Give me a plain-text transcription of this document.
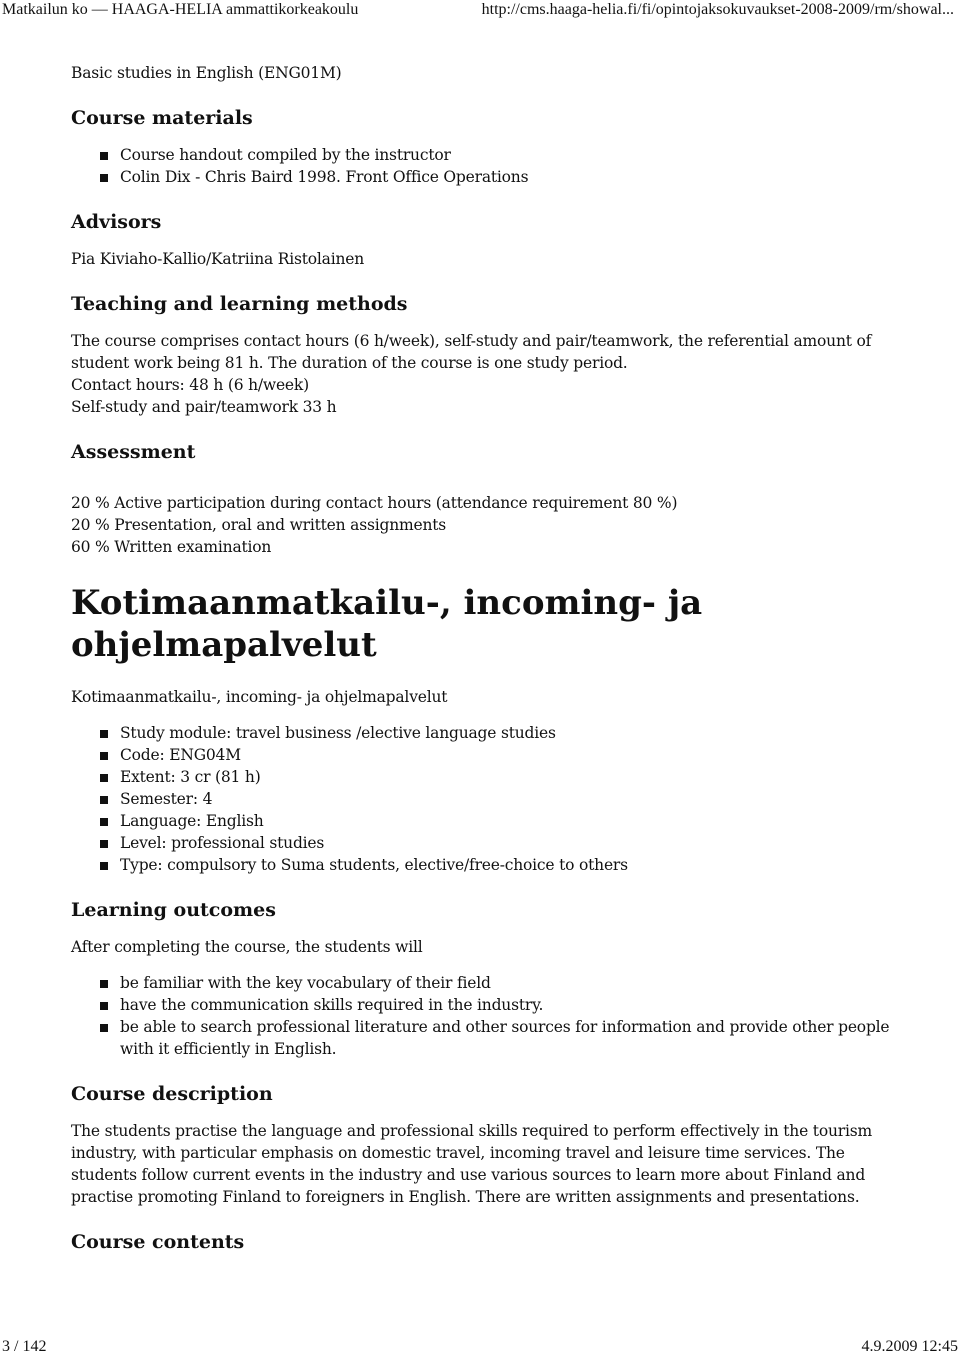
Matkailun ko — HAAGA-HELIA ammattikorkeakoulu	http://cms.haaga-helia.fi/fi/opintojaksokuvaukset-2008-2009/rm/showal...

Basic studies in English (ENG01M)

Course materials
Course handout compiled by the instructor
Colin Dix - Chris Baird 1998. Front Office Operations
Advisors

Pia Kiviaho-Kallio/Katriina Ristolainen

Teaching and learning methods

The course comprises contact hours (6 h/week), self-study and pair/teamwork, the referential amount of student work being 81 h. The duration of the course is one study period.

Contact hours: 48 h (6 h/week)

Self-study and pair/teamwork 33 h

Assessment

20 % Active participation during contact hours (attendance requirement 80 %)

20 % Presentation, oral and written assignments

60 % Written examination

Kotimaanmatkailu-, incoming- ja ohjelmapalvelut

Kotimaanmatkailu-, incoming- ja ohjelmapalvelut

Study module: travel business /elective language studies
Code: ENG04M
Extent: 3 cr (81 h)
Semester: 4
Language: English
Level: professional studies
Type: compulsory to Suma students, elective/free-choice to others
Learning outcomes

After completing the course, the students will

be familiar with the key vocabulary of their field
have the communication skills required in the industry.
be able to search professional literature and other sources for information and provide other people with it efficiently in English.
Course description

The students practise the language and professional skills required to perform effectively in the tourism industry, with particular emphasis on domestic travel, incoming travel and leisure time services. The students follow current events in the industry and use various sources to learn more about Finland and practise promoting Finland to foreigners in English. There are written assignments and presentations.

Course contents
3 / 142	4.9.2009 12:45
